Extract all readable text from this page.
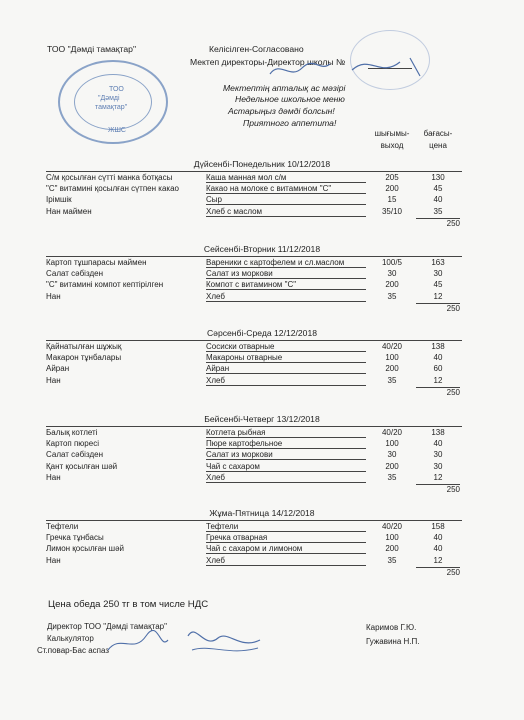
ТОО "Дәмді тамақтар"
ТОО
"Дәмді
тамақтар"
ЖШС
Келісілген-Согласовано
Мектеп директоры-Директор школы №
Мектептің апталық ас мәзірі
Недельное школьное меню
Астарыңыз дәмді болсын!
Приятного аппетита!
шығымы-
выход
бағасы-
цена
Дүйсенбі-Понедельник 10/12/2018
С/м қосылған сүтті манка ботқасы	Каша манная мол с/м	205	130
"С" витамині қосылған сүтпен какао	Какао на молоке с витамином "С"	200	45
Ірімшік	Сыр	15	40
Нан маймен	Хлеб с маслом	35/10	35
250
Сейсенбі-Вторник 11/12/2018
Картоп тұшпарасы маймен	Вареники с картофелем и сл.маслом	100/5	163
Салат сәбізден	Салат из моркови	30	30
"С" витамині компот кептірілген	Компот с витамином "С"	200	45
Нан	Хлеб	35	12
250
Сәрсенбі-Среда 12/12/2018
Қайнатылған шұжық	Сосиски отварные	40/20	138
Макарон тұнбалары	Макароны отварные	100	40
Айран	Айран	200	60
Нан	Хлеб	35	12
250
Бейсенбі-Четверг 13/12/2018
Балық котлеті	Котлета рыбная	40/20	138
Картоп пюресі	Пюре картофельное	100	40
Салат сәбізден	Салат из моркови	30	30
Қант қосылған шәй	Чай с сахаром	200	30
Нан	Хлеб	35	12
250
Жұма-Пятница 14/12/2018
Тефтели	Тефтели	40/20	158
Гречка тұнбасы	Гречка отварная	100	40
Лимон қосылған шәй	Чай с сахаром и лимоном	200	40
Нан	Хлеб	35	12
250
Цена обеда 250 тг в том числе НДС
Директор ТОО "Дәмді тамақтар"
Калькулятор
Ст.повар-Бас аспаз
Каримов Г.Ю.
Гужавина Н.П.
